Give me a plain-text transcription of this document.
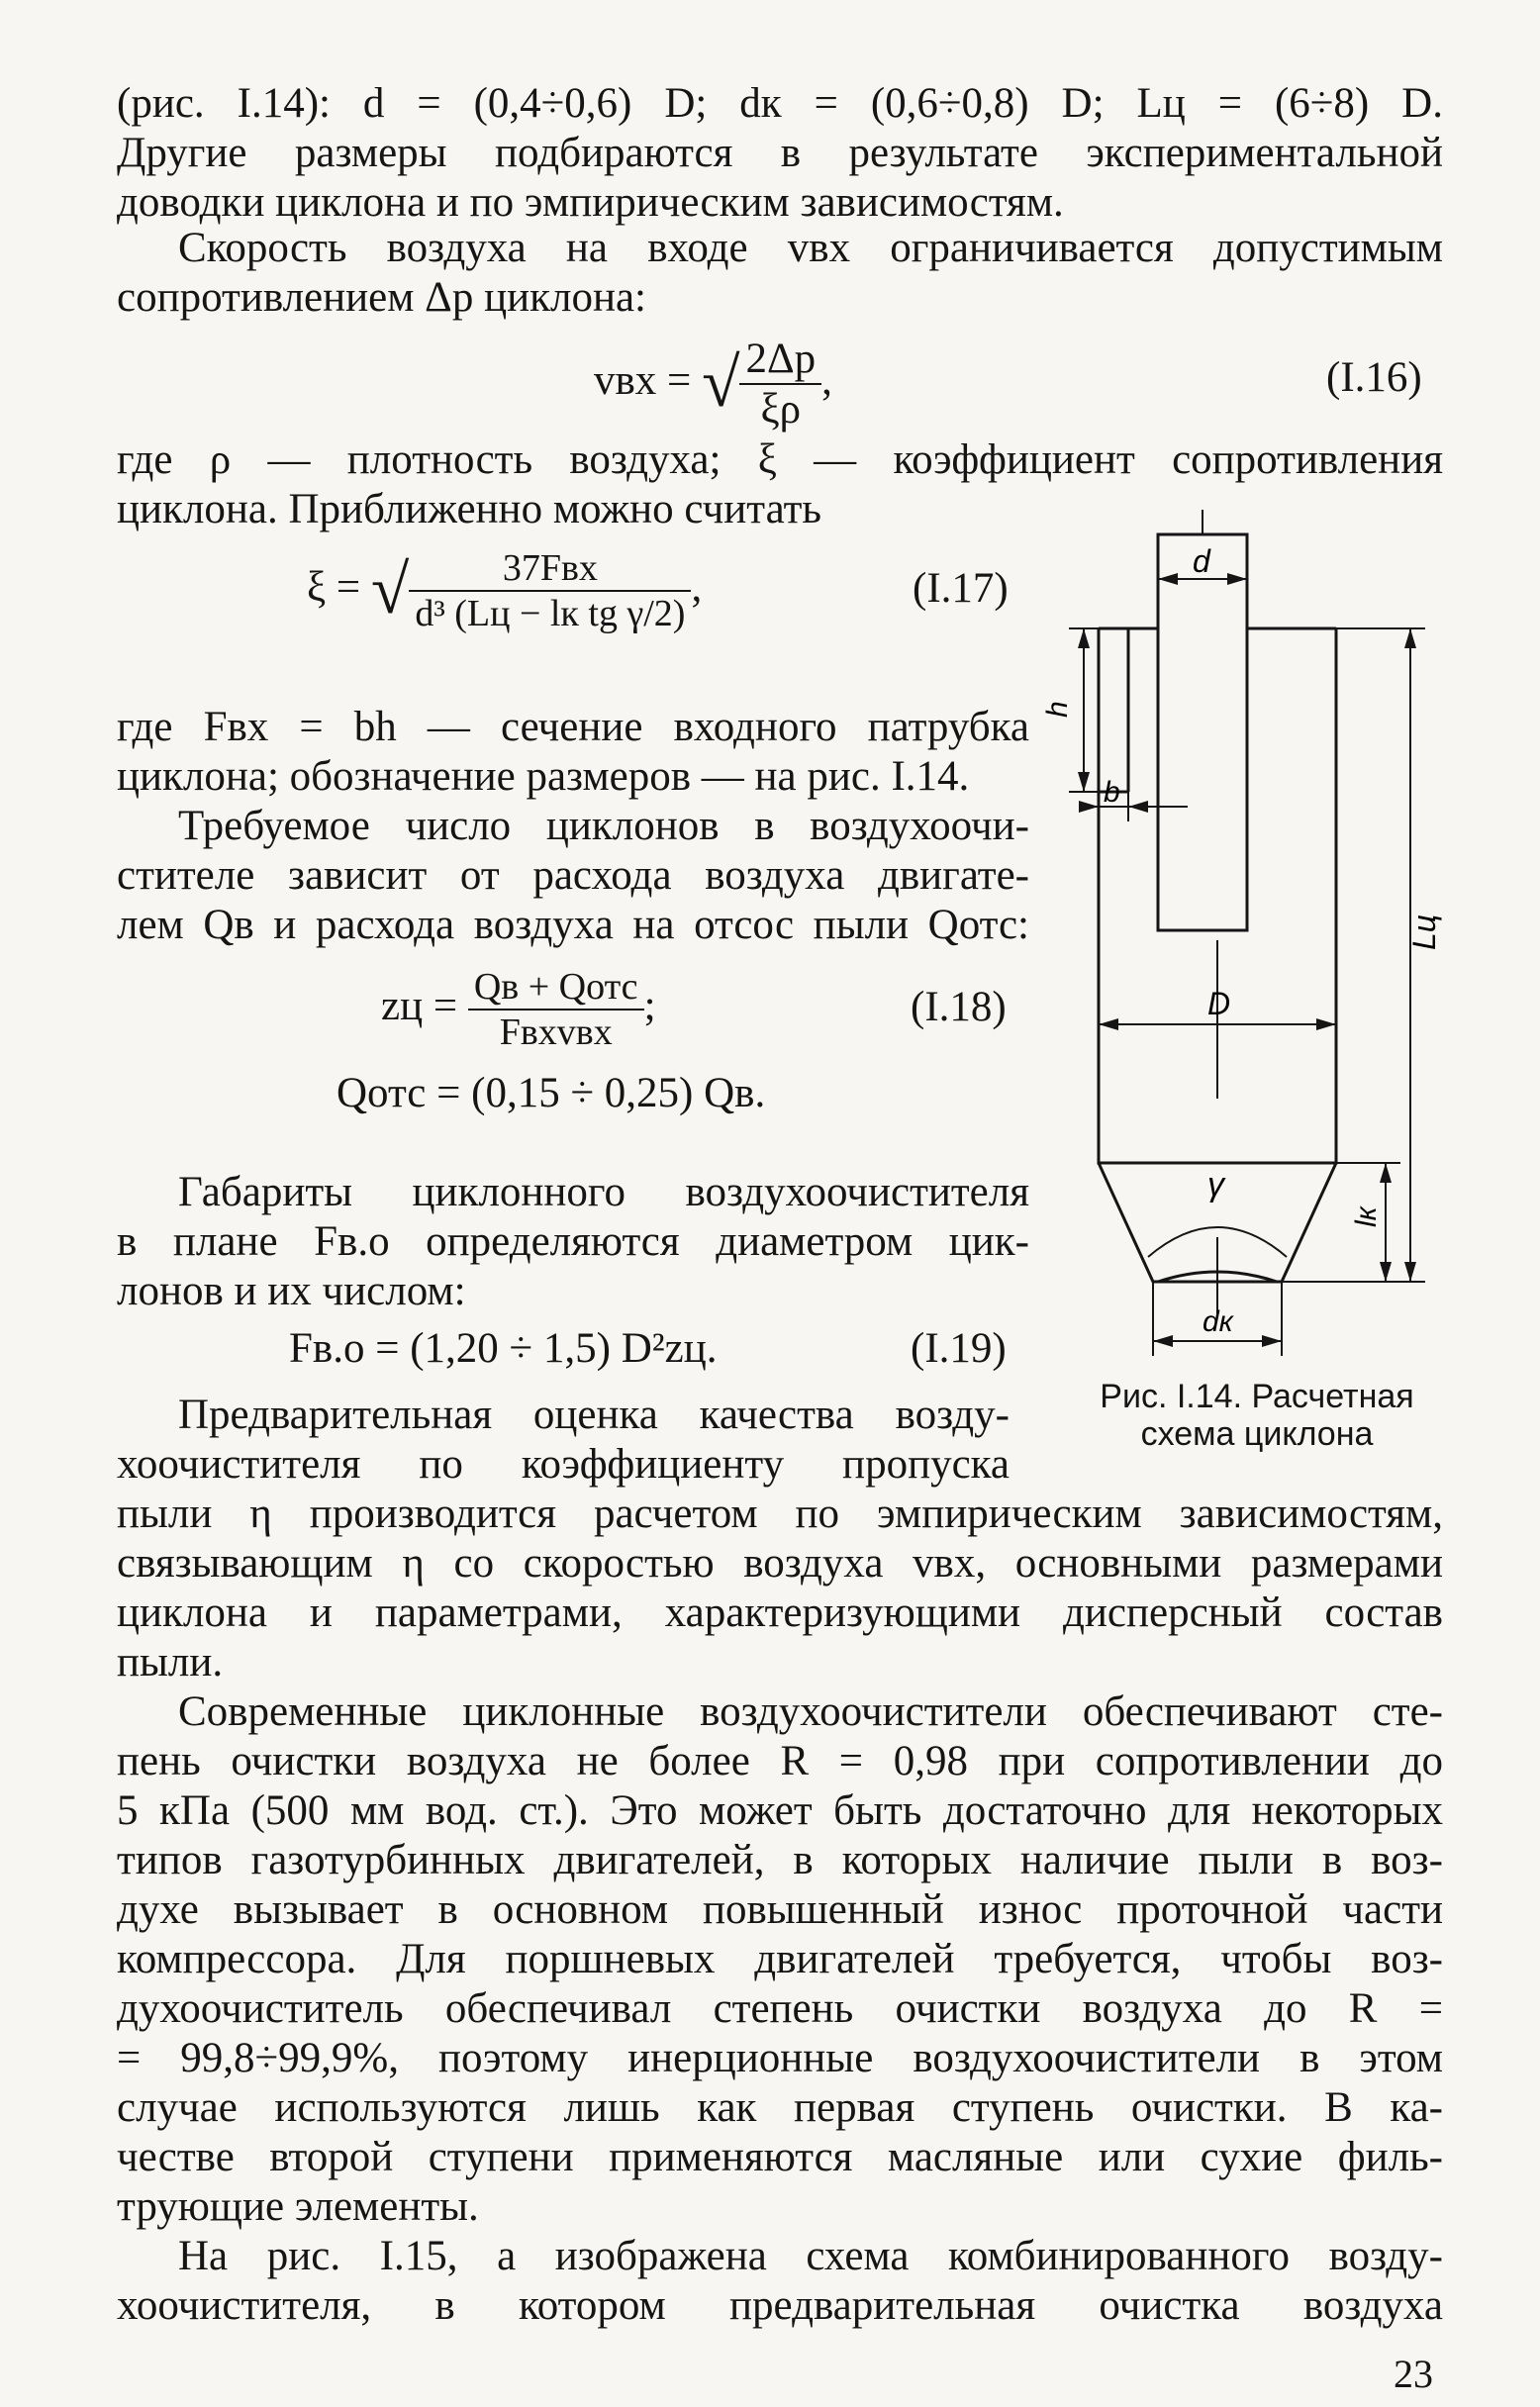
(рис. I.14): d = (0,4÷0,6) D; dк = (0,6÷0,8) D; Lц = (6÷8) D.
Другие размеры подбираются в результате экспериментальной
доводки циклона и по эмпирическим зависимостям.
Скорость воздуха на входе vвх ограничивается допустимым
сопротивлением Δp циклона:
vвх = √ $\frac{2\Delta p}{\xi\rho}$ ,	(I.16)
где ρ — плотность воздуха; ξ — коэффициент сопротивления
циклона. Приближенно можно считать
ξ = √ $\frac{\text{37Fвх}}{\text{d³ (Lц − lк tg γ/2)}}$ ,	(I.17)
где Fвх = bh — сечение входного патрубка
циклона; обозначение размеров — на рис. I.14.
Требуемое число циклонов в воздухоочи-
стителе зависит от расхода воздуха двигате-
лем Qв и расхода воздуха на отсос пыли Qотс:
zц = $\frac{\text{Qв + Qотс}}{\text{Fвхvвх}}$ ;	(I.18)
Qотс = (0,15 ÷ 0,25) Qв.
Габариты циклонного воздухоочистителя
в плане Fв.о определяются диаметром цик-
лонов и их числом:
Fв.о = (1,20 ÷ 1,5) D²zц.	(I.19)
Предварительная оценка качества возду-
хоочистителя по коэффициенту пропуска
пыли η производится расчетом по эмпирическим зависимостям,
связывающим η со скоростью воздуха vвх, основными размерами
циклона и параметрами, характеризующими дисперсный состав
пыли.
Современные циклонные воздухоочистители обеспечивают сте-
пень очистки воздуха не более R = 0,98 при сопротивлении до
5 кПа (500 мм вод. ст.). Это может быть достаточно для некоторых
типов газотурбинных двигателей, в которых наличие пыли в воз-
духе вызывает в основном повышенный износ проточной части
компрессора. Для поршневых двигателей требуется, чтобы воз-
духоочиститель обеспечивал степень очистки воздуха до R =
= 99,8÷99,9%, поэтому инерционные воздухоочистители в этом
случае используются лишь как первая ступень очистки. В ка-
честве второй ступени применяются масляные или сухие филь-
трующие элементы.
На рис. I.15, а изображена схема комбинированного возду-
хоочистителя, в котором предварительная очистка воздуха
23
d
h
b
Lц
D
γ
lк
dк
Рис. I.14. Расчетная
схема циклона
